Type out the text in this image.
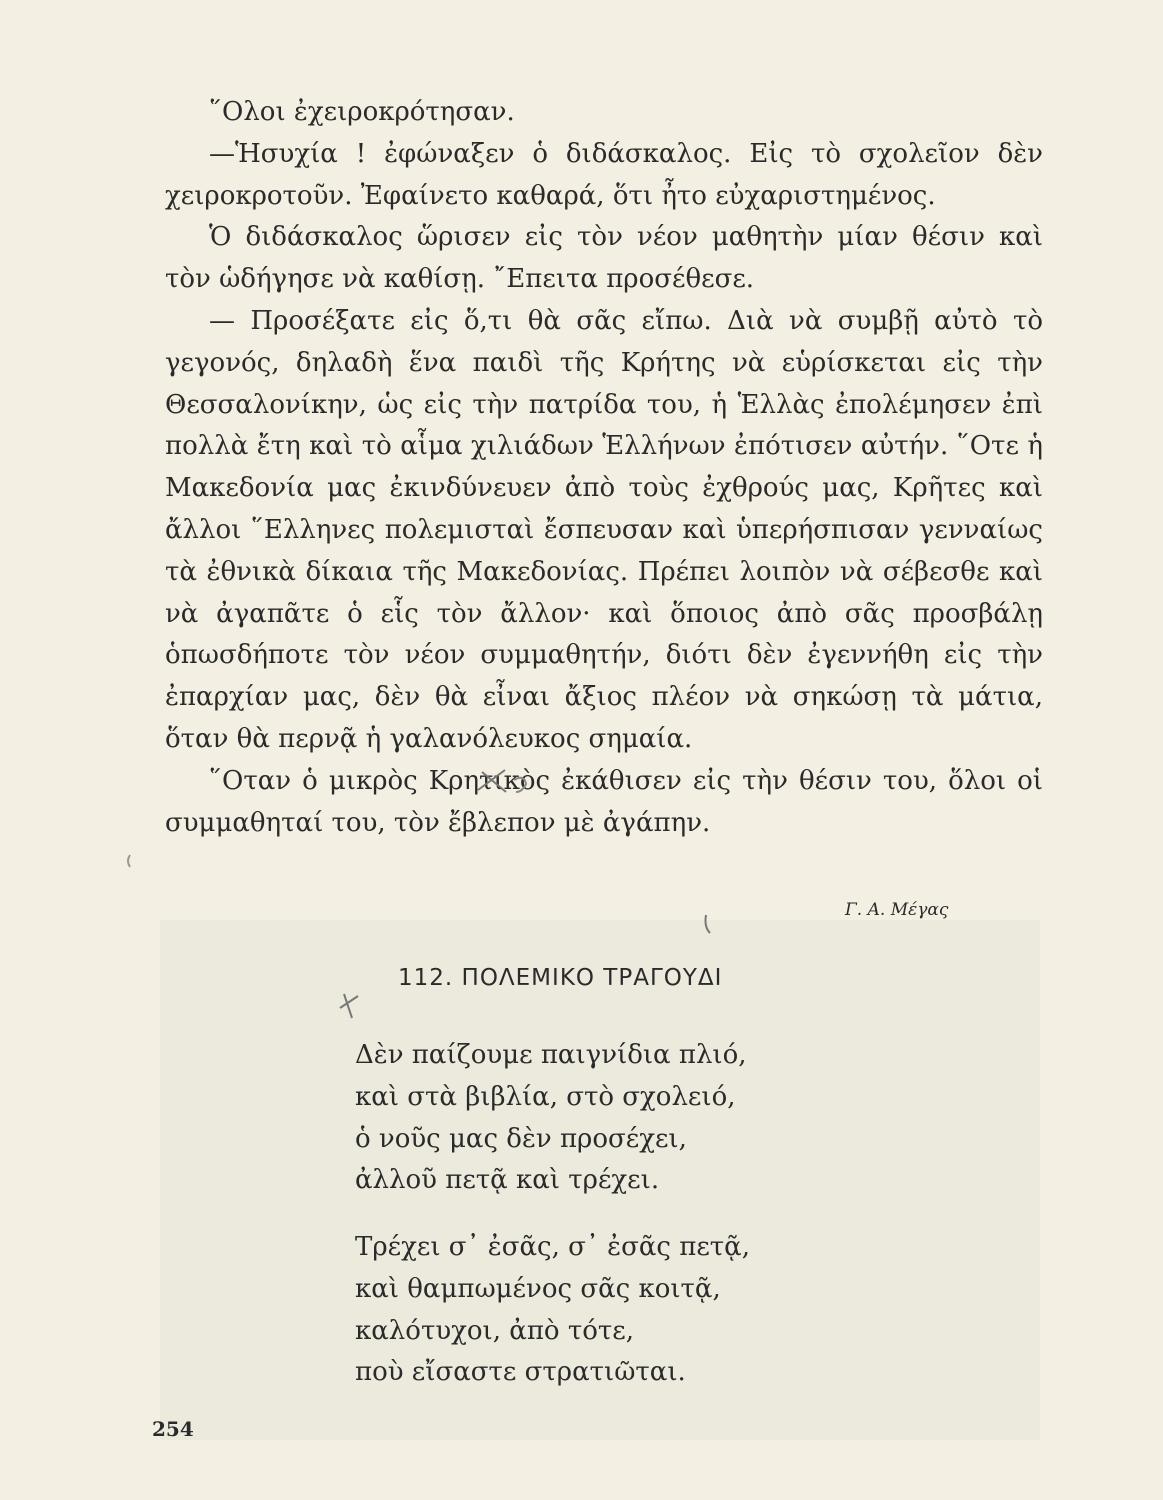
῞Ολοι ἐχειροκρότησαν.

—Ἡσυχία ! ἐφώναξεν ὁ διδάσκαλος. Εἰς τὸ σχολεῖον δὲν χειροκροτοῦν. Ἐφαίνετο καθαρά, ὅτι ἦτο εὐχαριστημένος.

Ὁ διδάσκαλος ὥρισεν εἰς τὸν νέον μαθητὴν μίαν θέσιν καὶ τὸν ὡδήγησε νὰ καθίσῃ. ῎Επειτα προσέθεσε.

— Προσέξατε εἰς ὅ,τι θὰ σᾶς εἴπω. Διὰ νὰ συμβῇ αὐτὸ τὸ γεγονός, δηλαδὴ ἕνα παιδὶ τῆς Κρήτης νὰ εὑρίσκεται εἰς τὴν Θεσσαλονίκην, ὡς εἰς τὴν πατρίδα του, ἡ Ἑλλὰς ἐπολέμησεν ἐπὶ πολλὰ ἔτη καὶ τὸ αἷμα χιλιάδων Ἑλλήνων ἐπότισεν αὐτήν. ῞Οτε ἡ Μακεδονία μας ἐκινδύνευεν ἀπὸ τοὺς ἐχθρούς μας, Κρῆτες καὶ ἄλλοι ῞Ελληνες πολεμισταὶ ἔσπευσαν καὶ ὑπερήσπισαν γενναίως τὰ ἐθνικὰ δίκαια τῆς Μακεδονίας. Πρέπει λοιπὸν νὰ σέβεσθε καὶ νὰ ἀγαπᾶτε ὁ εἷς τὸν ἄλλον· καὶ ὅποιος ἀπὸ σᾶς προσβάλῃ ὁπωσδήποτε τὸν νέον συμμαθητήν, διότι δὲν ἐγεννήθη εἰς τὴν ἐπαρχίαν μας, δὲν θὰ εἶναι ἄξιος πλέον νὰ σηκώσῃ τὰ μάτια, ὅταν θὰ περνᾷ ἡ γαλανόλευκος σημαία.

῞Οταν ὁ μικρὸς Κρητικὸς ἐκάθισεν εἰς τὴν θέσιν του, ὅλοι οἱ συμμαθηταί του, τὸν ἔβλεπον μὲ ἀγάπην.

Γ. Α. Μέγας
112. ΠΟΛΕΜΙΚΟ ΤΡΑΓΟΥΔΙ
Δὲν παίζουμε παιγνίδια πλιό,
καὶ στὰ βιβλία, στὸ σχολειό,
ὁ νοῦς μας δὲν προσέχει,
ἀλλοῦ πετᾷ καὶ τρέχει.
Τρέχει σ᾽ ἐσᾶς, σ᾽ ἐσᾶς πετᾷ,
καὶ θαμπωμένος σᾶς κοιτᾷ,
καλότυχοι, ἀπὸ τότε,
ποὺ εἴσαστε στρατιῶται.
254
